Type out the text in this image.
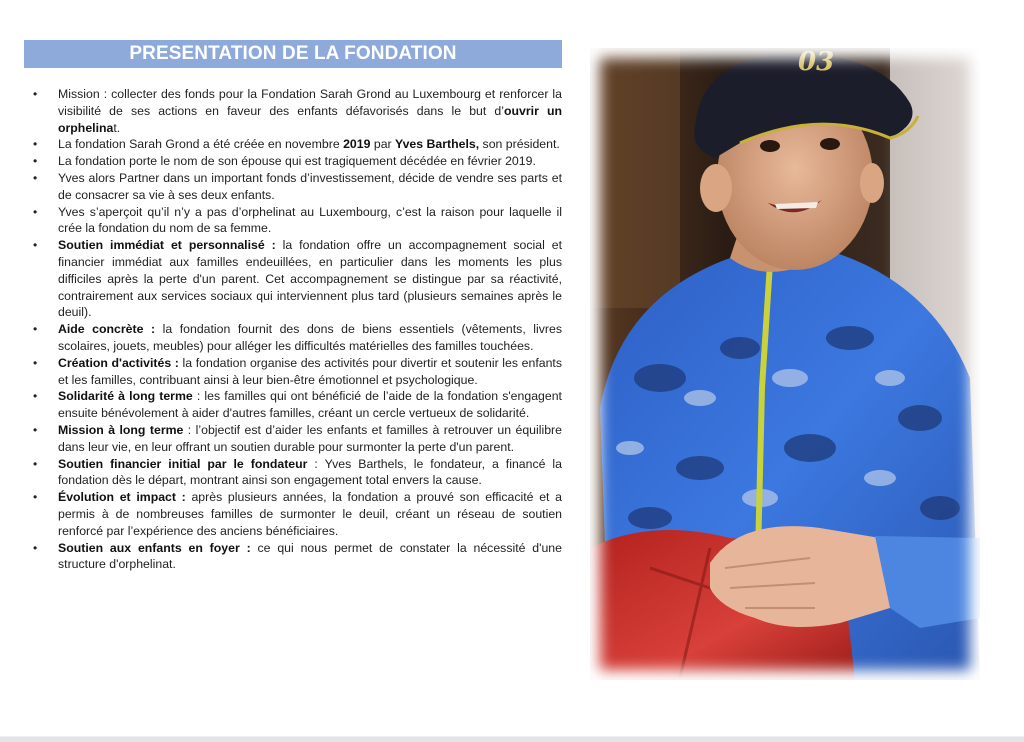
PRESENTATION DE LA FONDATION
• Mission : collecter des fonds pour la Fondation Sarah Grond au Luxembourg et renforcer la visibilité de ses actions en faveur des enfants défavorisés dans le but d’ouvrir un orphelinat.
• La fondation Sarah Grond a été créée en novembre 2019 par Yves Barthels, son président.
• La fondation porte le nom de son épouse qui est tragiquement décédée en février 2019.
• Yves alors Partner dans un important fonds d’investissement, décide de vendre ses parts et de consacrer sa vie à ses deux enfants.
• Yves s’aperçoit qu’il n’y a pas d’orphelinat au Luxembourg, c’est la raison pour laquelle il crée la fondation du nom de sa femme.
• Soutien immédiat et personnalisé : la fondation offre un accompagnement social et financier immédiat aux familles endeuillées, en particulier dans les moments les plus difficiles après la perte d'un parent. Cet accompagnement se distingue par sa réactivité, contrairement aux services sociaux qui interviennent plus tard (plusieurs semaines après le deuil).
• Aide concrète : la fondation fournit des dons de biens essentiels (vêtements, livres scolaires, jouets, meubles) pour alléger les difficultés matérielles des familles touchées.
• Création d'activités : la fondation organise des activités pour divertir et soutenir les enfants et les familles, contribuant ainsi à leur bien-être émotionnel et psychologique.
• Solidarité à long terme : les familles qui ont bénéficié de l’aide de la fondation s'engagent ensuite bénévolement à aider d'autres familles, créant un cercle vertueux de solidarité.
• Mission à long terme : l’objectif est d’aider les enfants et familles à retrouver un équilibre dans leur vie, en leur offrant un soutien durable pour surmonter la perte d'un parent.
• Soutien financier initial par le fondateur : Yves Barthels, le fondateur, a financé la fondation dès le départ, montrant ainsi son engagement total envers la cause.
• Évolution et impact : après plusieurs années, la fondation a prouvé son efficacité et a permis à de nombreuses familles de surmonter le deuil, créant un réseau de soutien renforcé par l’expérience des anciens bénéficiaires.
• Soutien aux enfants en foyer : ce qui nous permet de constater la nécessité d'une structure d'orphelinat.
03
